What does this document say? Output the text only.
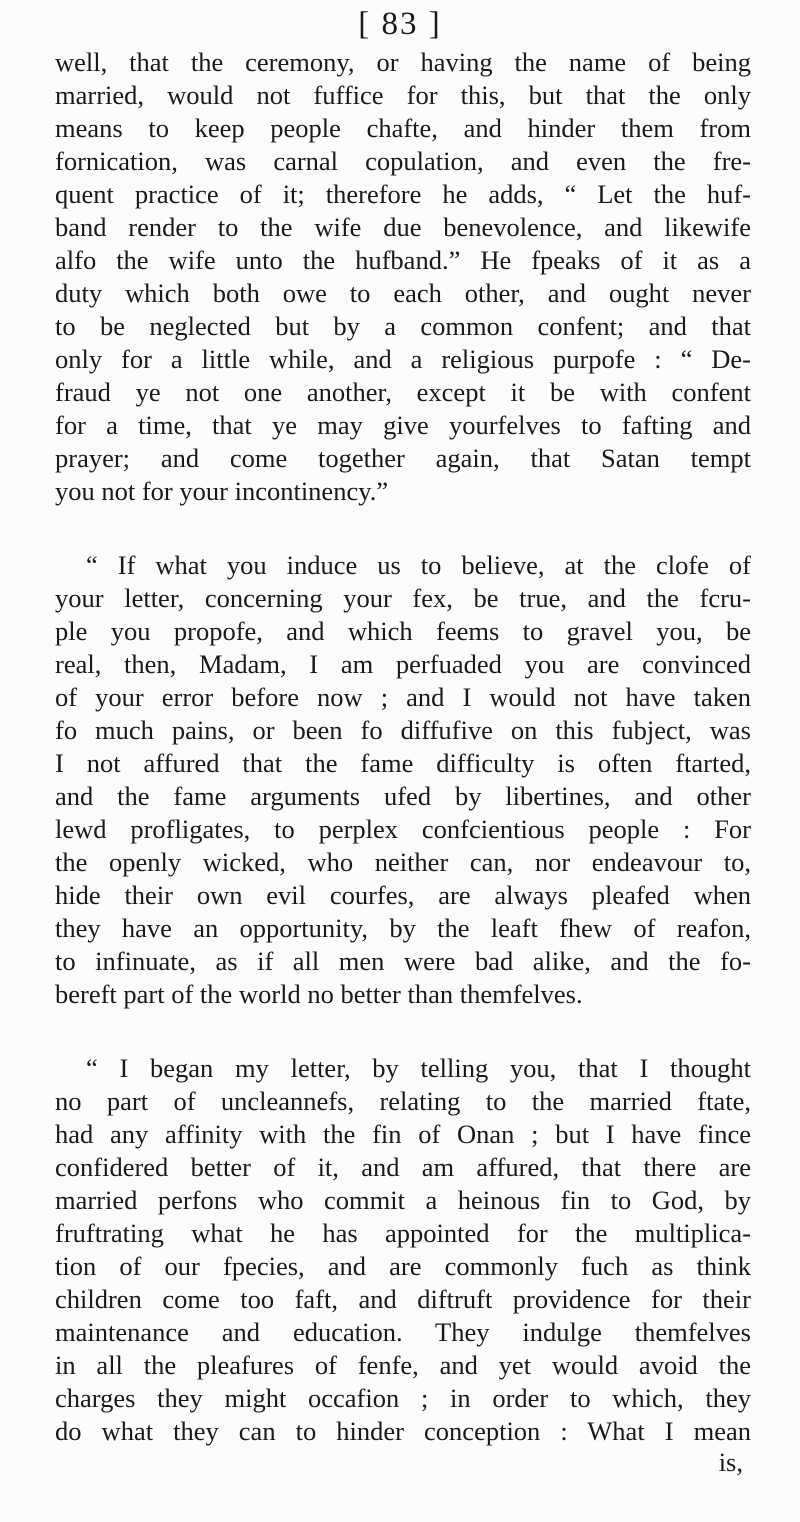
[ 83 ]
well, that the ceremony, or having the name of being
married, would not fuffice for this, but that the only
means to keep people chafte, and hinder them from
fornication, was carnal copulation, and even the fre-
quent practice of it; therefore he adds, “ Let the huf-
band render to the wife due benevolence, and likewife
alfo the wife unto the hufband.” He fpeaks of it as a
duty which both owe to each other, and ought never
to be neglected but by a common confent; and that
only for a little while, and a religious purpofe : “ De-
fraud ye not one another, except it be with confent
for a time, that ye may give yourfelves to fafting and
prayer; and come together again, that Satan tempt
you not for your incontinency.”
“ If what you induce us to believe, at the clofe of
your letter, concerning your fex, be true, and the fcru-
ple you propofe, and which feems to gravel you, be
real, then, Madam, I am perfuaded you are convinced
of your error before now ; and I would not have taken
fo much pains, or been fo diffufive on this fubject, was
I not affured that the fame difficulty is often ftarted,
and the fame arguments ufed by libertines, and other
lewd profligates, to perplex confcientious people : For
the openly wicked, who neither can, nor endeavour to,
hide their own evil courfes, are always pleafed when
they have an opportunity, by the leaft fhew of reafon,
to infinuate, as if all men were bad alike, and the fo-
bereft part of the world no better than themfelves.
“ I began my letter, by telling you, that I thought
no part of uncleannefs, relating to the married ftate,
had any affinity with the fin of Onan ; but I have fince
confidered better of it, and am affured, that there are
married perfons who commit a heinous fin to God, by
fruftrating what he has appointed for the multiplica-
tion of our fpecies, and are commonly fuch as think
children come too faft, and diftruft providence for their
maintenance and education. They indulge themfelves
in all the pleafures of fenfe, and yet would avoid the
charges they might occafion ; in order to which, they
do what they can to hinder conception : What I mean
is,
